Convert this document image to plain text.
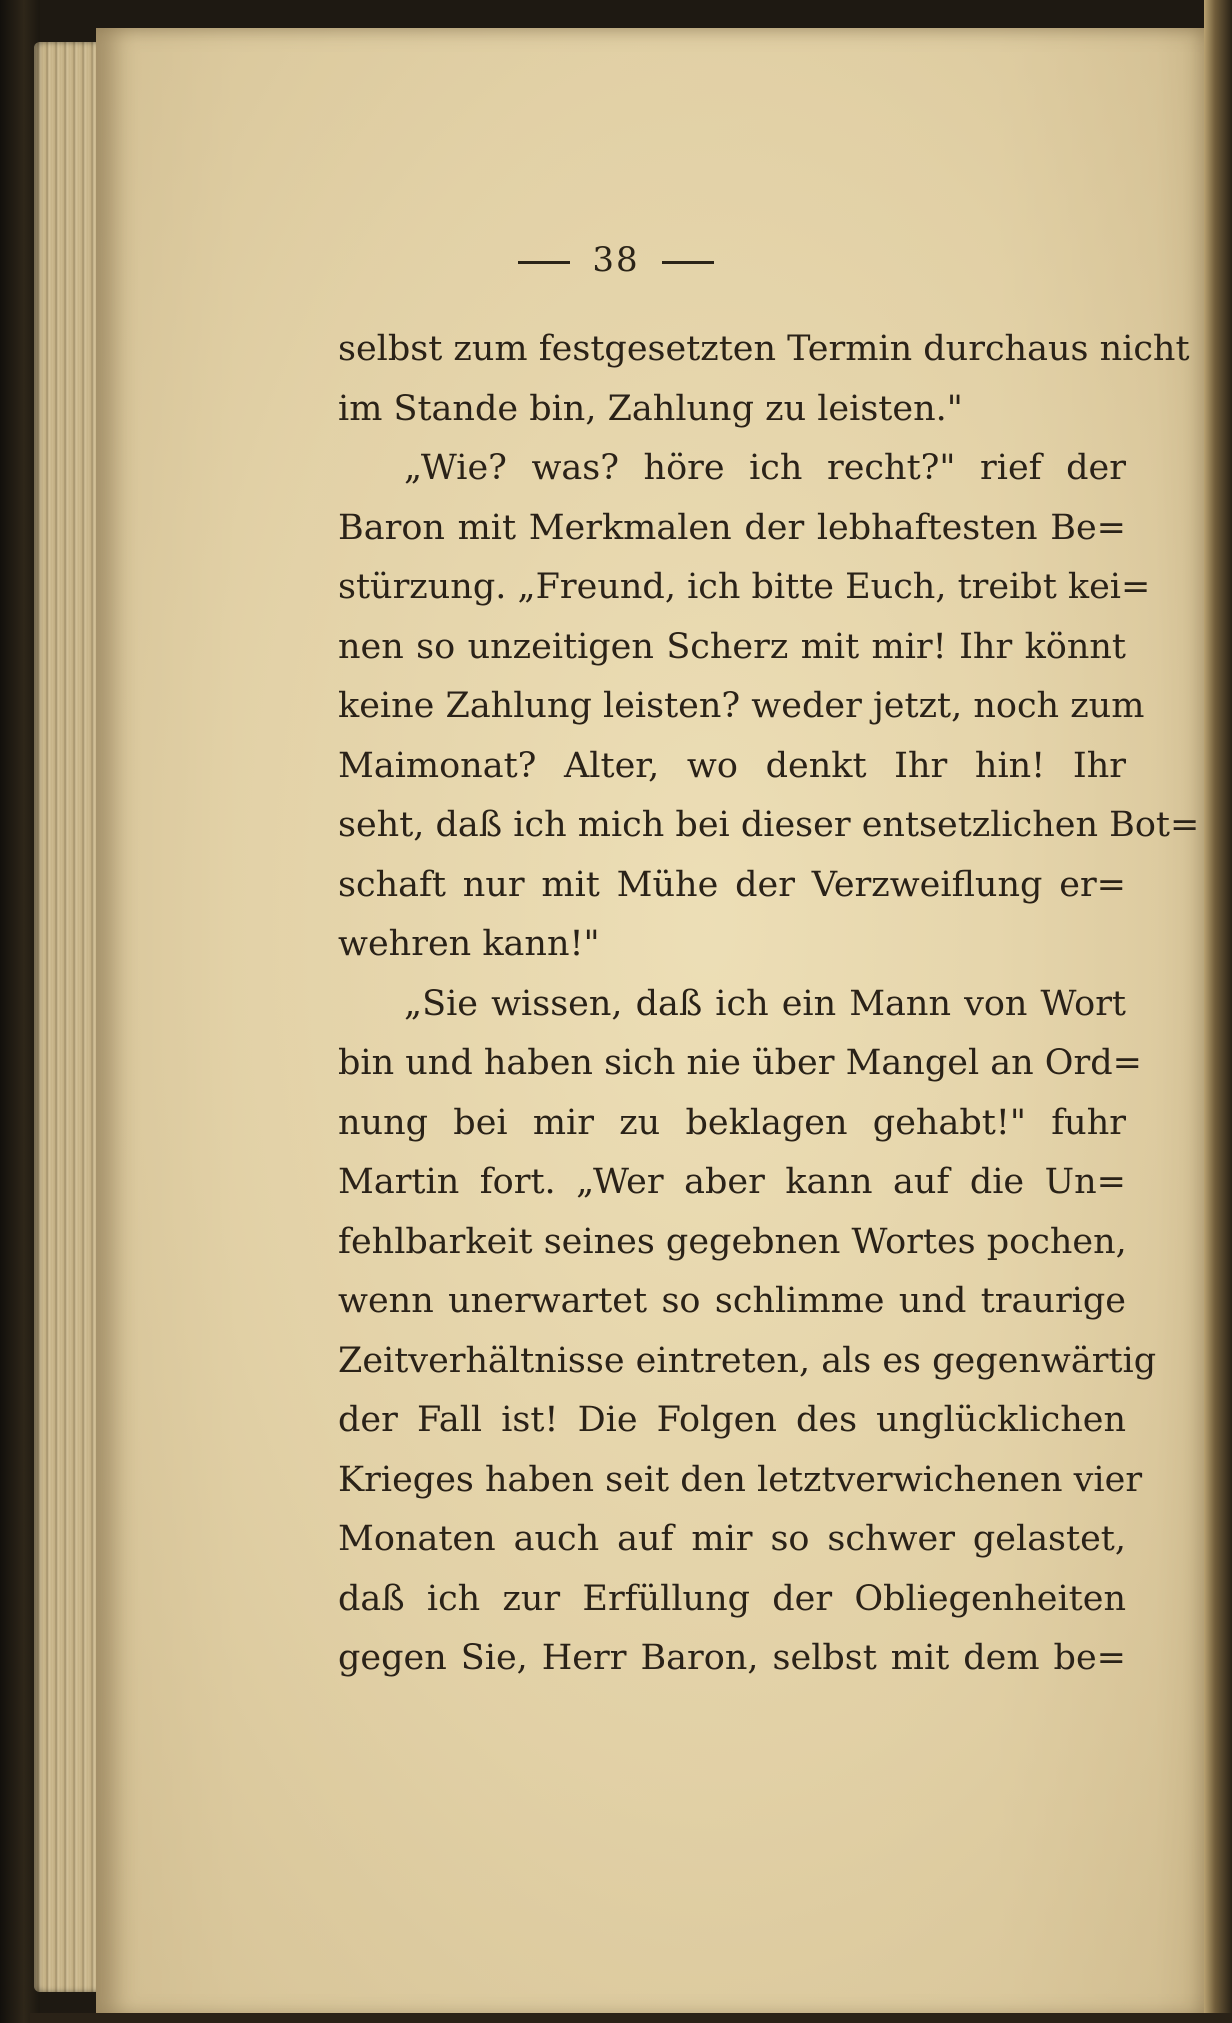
38
selbst zum festgesetzten Termin durchaus nicht
im Stande bin, Zahlung zu leisten."
„Wie? was? höre ich recht?" rief der
Baron mit Merkmalen der lebhaftesten Be=
stürzung. „Freund, ich bitte Euch, treibt kei=
nen so unzeitigen Scherz mit mir! Ihr könnt
keine Zahlung leisten? weder jetzt, noch zum
Maimonat? Alter, wo denkt Ihr hin! Ihr
seht, daß ich mich bei dieser entsetzlichen Bot=
schaft nur mit Mühe der Verzweiflung er=
wehren kann!"
„Sie wissen, daß ich ein Mann von Wort
bin und haben sich nie über Mangel an Ord=
nung bei mir zu beklagen gehabt!" fuhr
Martin fort. „Wer aber kann auf die Un=
fehlbarkeit seines gegebnen Wortes pochen,
wenn unerwartet so schlimme und traurige
Zeitverhältnisse eintreten, als es gegenwärtig
der Fall ist! Die Folgen des unglücklichen
Krieges haben seit den letztverwichenen vier
Monaten auch auf mir so schwer gelastet,
daß ich zur Erfüllung der Obliegenheiten
gegen Sie, Herr Baron, selbst mit dem be=
